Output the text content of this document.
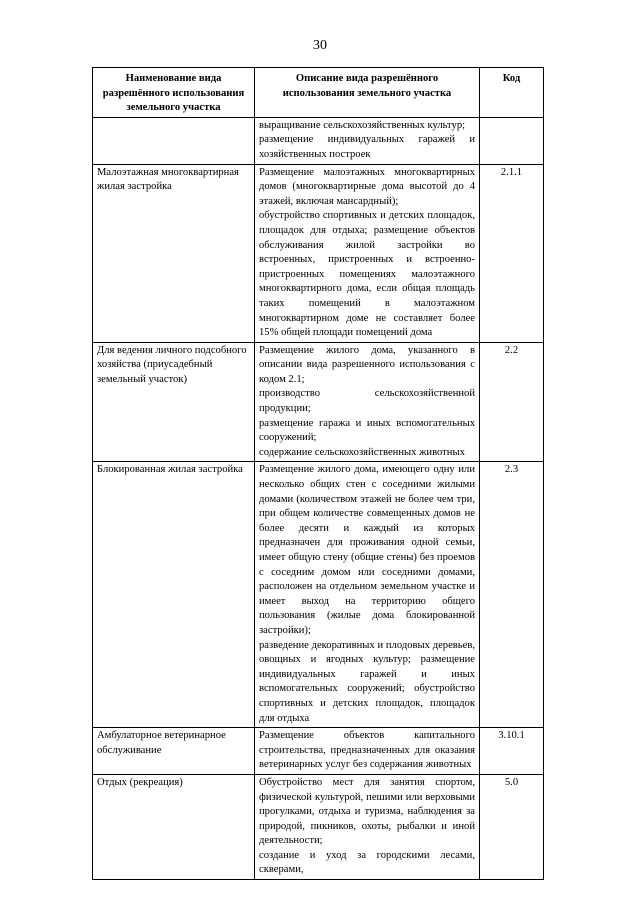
30
Наименование вида разрешённого использования земельного участка	Описание вида разрешённого использования земельного участка	Код

	выращивание сельскохозяйственных культур;
размещение индивидуальных гаражей и хозяйственных построек	

Малоэтажная многоквартирная жилая застройка	Размещение малоэтажных многоквартирных домов (многоквартирные дома высотой до 4 этажей, включая мансардный);
обустройство спортивных и детских площадок, площадок для отдыха; размещение объектов обслуживания жилой застройки во встроенных, пристроенных и встроенно-пристроенных помещениях малоэтажного многоквартирного дома, если общая площадь таких помещений в малоэтажном многоквартирном доме не составляет более 15% общей площади помещений дома	2.1.1
Для ведения личного подсобного хозяйства (приусадебный земельный участок)	Размещение жилого дома, указанного в описании вида разрешенного использования с кодом 2.1;
производство сельскохозяйственной продукции;
размещение гаража и иных вспомогательных сооружений;
содержание сельскохозяйственных животных	2.2
Блокированная жилая застройка	Размещение жилого дома, имеющего одну или несколько общих стен с соседними жилыми домами (количеством этажей не более чем три, при общем количестве совмещенных домов не более десяти и каждый из которых предназначен для проживания одной семьи, имеет общую стену (общие стены) без проемов с соседним домом или соседними домами, расположен на отдельном земельном участке и имеет выход на территорию общего пользования (жилые дома блокированной застройки);
разведение декоративных и плодовых деревьев, овощных и ягодных культур; размещение индивидуальных гаражей и иных вспомогательных сооружений; обустройство спортивных и детских площадок, площадок для отдыха	2.3
Амбулаторное ветеринарное обслуживание	Размещение объектов капитального строительства, предназначенных для оказания ветеринарных услуг без содержания животных	3.10.1
Отдых (рекреация)	Обустройство мест для занятия спортом, физической культурой, пешими или верховыми прогулками, отдыха и туризма, наблюдения за природой, пикников, охоты, рыбалки и иной деятельности;
создание и уход за городскими лесами, скверами,	5.0
